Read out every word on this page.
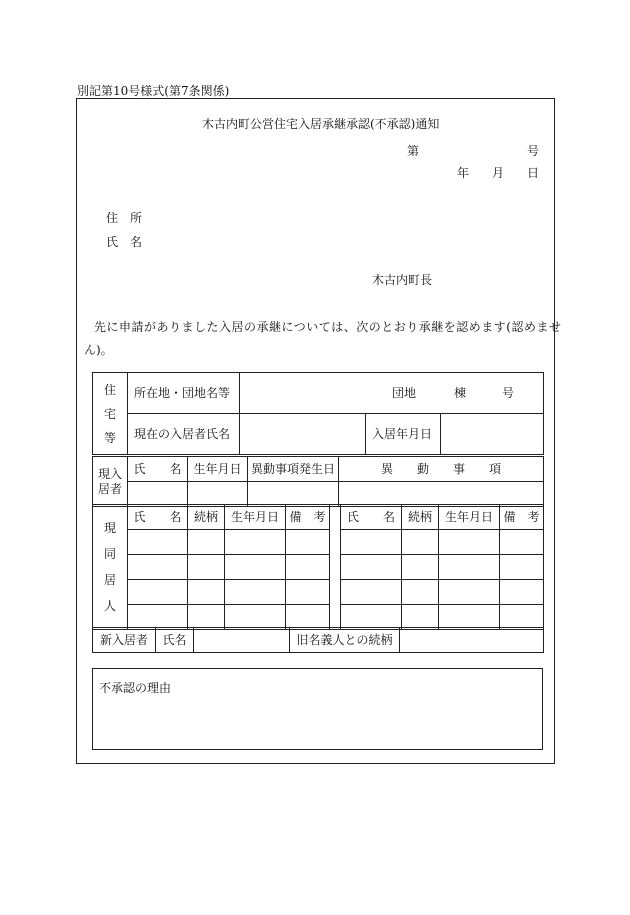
別記第10号様式(第7条関係)
木古内町公営住宅入居承継承認(不承認)通知
第	号
年 月 日
住　所
氏　名
木古内町長
先に申請がありました入居の承継については、次のとおり承継を認めます(認めませ
ん)。
住
宅
等	所在地・団地名等	団地 棟 号		

	現在の入居者氏名		入居年月日	
現入
居者	氏　　名	生年月日	異動事項発生日	異　　動　　事　　項

現
同
居
人	氏　　名	続柄	生年月日	備　考		氏　　名	続柄	生年月日	備　考

新入居者	氏名		旧名義人との続柄	
不承認の理由
